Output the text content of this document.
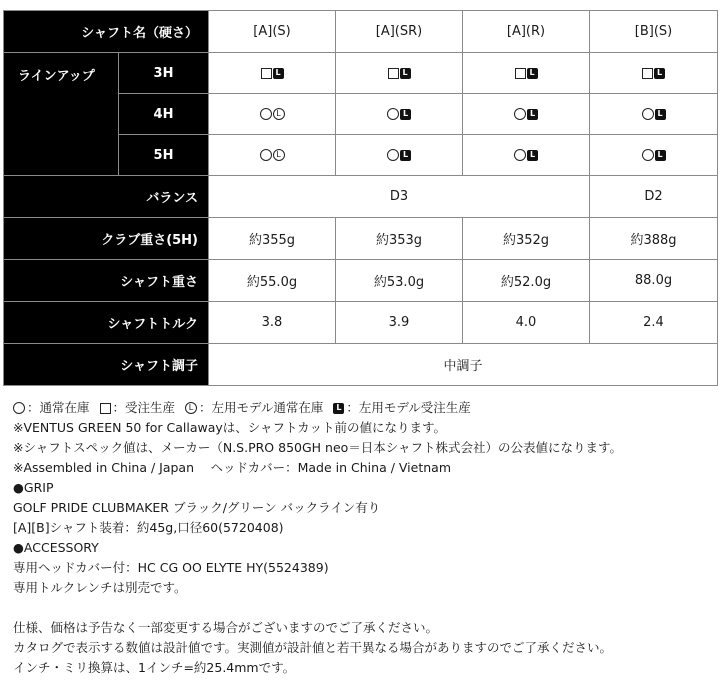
シャフト名（硬さ）		[A](S)	[A](SR)	[A](R)	[B](S)
ラインアップ	3H	L	L	L	L

	4H	L	L	L	L

	5H	L	L	L	L

バランス		D3			D2
クラブ重さ(5H)		約355g	約353g	約352g	約388g
シャフト重さ		約55.0g	約53.0g	約52.0g	88.0g
シャフトトルク		3.8	3.9	4.0	2.4
シャフト調子		中調子			
：通常在庫 ：受注生産	L ：左用モデル通常在庫	L ：左用モデル受注生産
※VENTUS GREEN 50 for Callawayは、シャフトカット前の値になります。
※シャフトスペック値は、メーカー（N.S.PRO 850GH neo＝日本シャフト株式会社）の公表値になります。
※Assembled in China / Japan　 ヘッドカバー：Made in China / Vietnam
●GRIP
GOLF PRIDE CLUBMAKER ブラック/グリーン バックライン有り
[A][B]シャフト装着：約45g,口径60(5720408)
●ACCESSORY
専用ヘッドカバー付：HC CG OO ELYTE HY(5524389)
専用トルクレンチは別売です。
仕様、価格は予告なく一部変更する場合がございますのでご了承ください。
カタログで表示する数値は設計値です。実測値が設計値と若干異なる場合がありますのでご了承ください。
インチ・ミリ換算は、1インチ=約25.4mmです。
